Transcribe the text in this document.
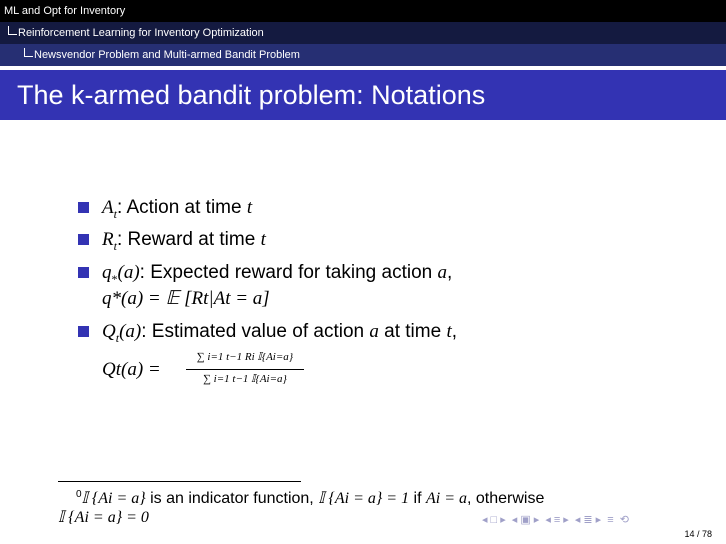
ML and Opt for Inventory
Reinforcement Learning for Inventory Optimization
Newsvendor Problem and Multi-armed Bandit Problem
The k-armed bandit problem: Notations
$A_t$: Action at time t
$R_t$: Reward at time t
$q_*(a)$: Expected reward for taking action a,
q*(a) = 𝔼 [Rt|At = a]
$Q_t(a)$: Estimated value of action a at time t,
Qt(a) =
∑ i=1 t−1 Ri 𝕀{Ai=a}
∑ i=1 t−1 𝕀{Ai=a}
$^0$𝕀 {Ai = a} is an indicator function, 𝕀 {Ai = a} = 1 if Ai = a, otherwise
𝕀 {Ai = a} = 0	◂ □ ▸ ◂ ▣ ▸ ◂ ≡ ▸ ◂ ≣ ▸ ≡ ⟲
14 / 78
